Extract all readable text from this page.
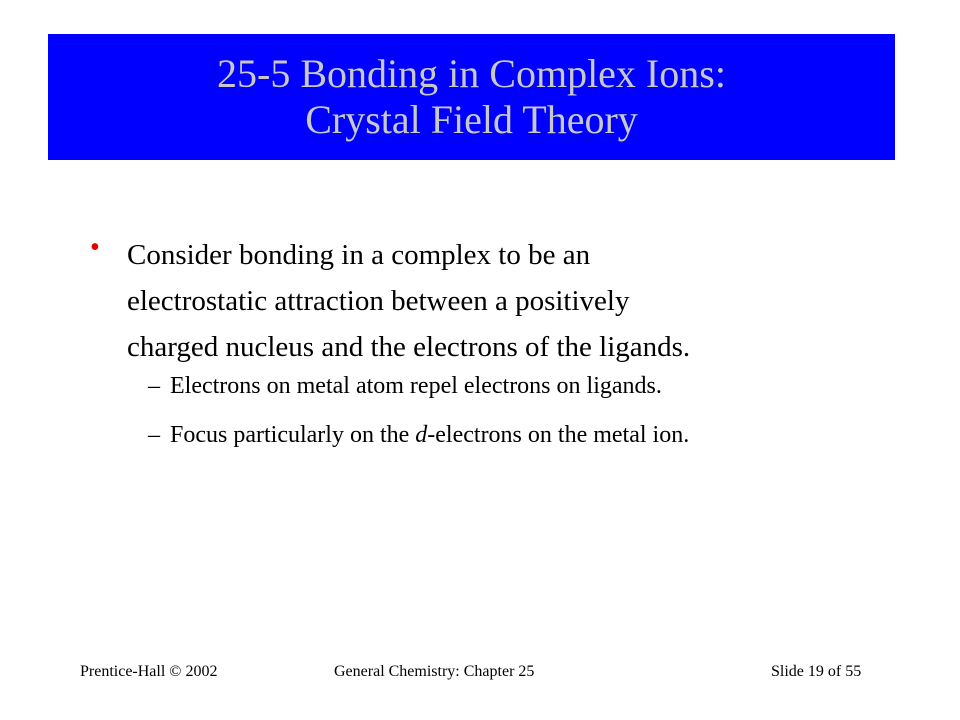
25-5 Bonding in Complex Ions:
Crystal Field Theory
• Consider bonding in a complex to be an
electrostatic attraction between a positively
charged nucleus and the electrons of the ligands.
– Electrons on metal atom repel electrons on ligands.
– Focus particularly on the d-electrons on the metal ion.
Prentice-Hall © 2002	General Chemistry: Chapter 25	Slide 19 of 55
